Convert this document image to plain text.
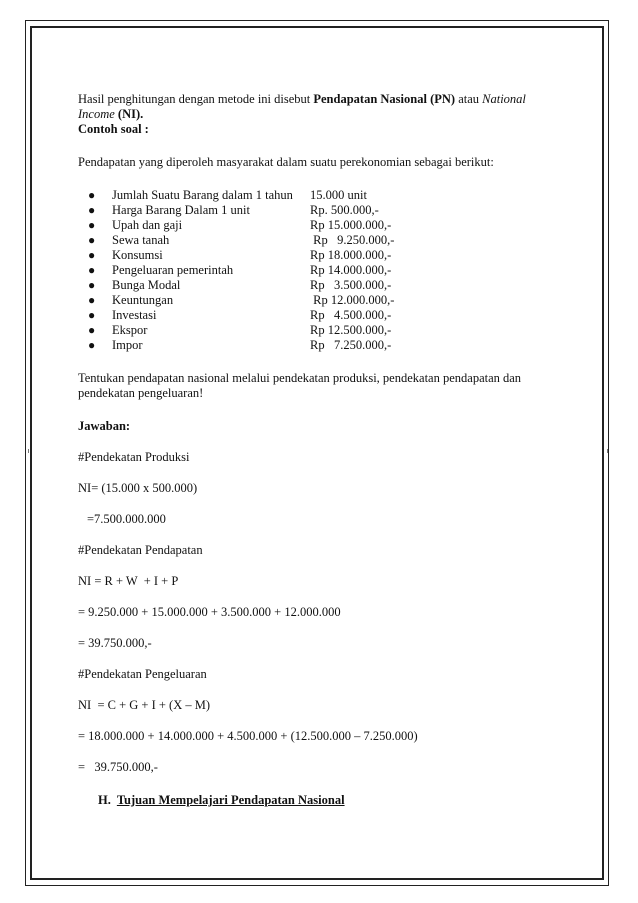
Hasil penghitungan dengan metode ini disebut Pendapatan Nasional (PN) atau National
Income (NI).

Contoh soal :

Pendapatan yang diperoleh masyarakat dalam suatu perekonomian sebagai berikut:

● Jumlah Suatu Barang dalam 1 tahun 15.000 unit
● Harga Barang Dalam 1 unit	Rp. 500.000,-
● Upah dan gaji	Rp 15.000.000,-
● Sewa tanah	Rp   9.250.000,-
● Konsumsi	Rp 18.000.000,-
● Pengeluaran pemerintah	Rp 14.000.000,-
● Bunga Modal	Rp   3.500.000,-
● Keuntungan	Rp 12.000.000,-
● Investasi	Rp   4.500.000,-
● Ekspor	Rp 12.500.000,-
● Impor	Rp   7.250.000,-

Tentukan pendapatan nasional melalui pendekatan produksi, pendekatan pendapatan dan
pendekatan pengeluaran!

Jawaban:

#Pendekatan Produksi

NI= (15.000 x 500.000)

=7.500.000.000

#Pendekatan Pendapatan

NI = R + W  + I + P

= 9.250.000 + 15.000.000 + 3.500.000 + 12.000.000

= 39.750.000,-

#Pendekatan Pengeluaran

NI  = C + G + I + (X – M)

= 18.000.000 + 14.000.000 + 4.500.000 + (12.500.000 – 7.250.000)

=   39.750.000,-

H. Tujuan Mempelajari Pendapatan Nasional
